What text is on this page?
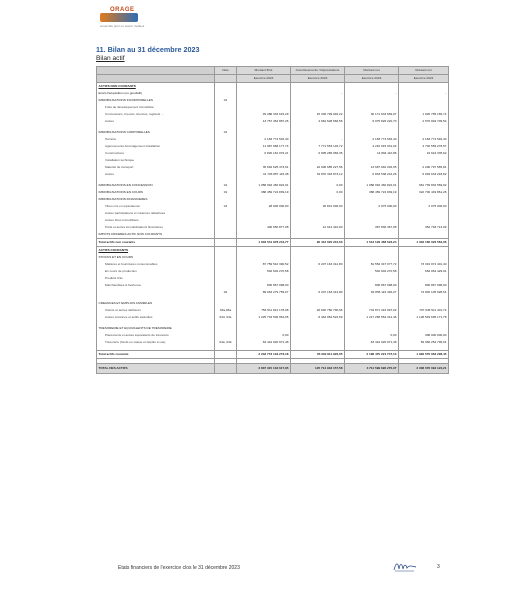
ORAGE
ensemble pour un avenir meilleur
11. Bilan au 31 décembre 2023
Bilan actif
	Note	Montant Brut	Amortissements / Dépréciations	Montant net	Montant net
		Exercice 2023	Exercice 2023	Exercice 2023	Exercice 2022
ACTIFS NON COURANTS					
Ecart d'acquisition (ou goodwill)			-	-	-
IMMOBILISATIONS INCORPORELLES	01				
Frais de développement immobilisé					
Concessions, brevets, licences, logiciels ...		45 288 333 615,29	15 336 799 946,22	30 171 633 669,07	1 026 765 165,74
Autres		13 757 454 887,26	4 681 628 666,56	9 075 826 220,70	2 570 994 709,54

IMMOBILISATIONS CORPORELLES	01				
Terrains		2 183 774 546,40	-	2 183 774 546,40	2 183 774 546,40
Agencements Aménagement installation		11 987 968 177,74	7 771 553 146,72	4 216 015 031,02	4 702 559 278,57
Constructions		6 820 181 076,21	6 805 286 966,35	14 894 110,86	19 644 335,62
Installation technique					
Matériel de transport		35 694 625 473,61	22 006 685 227,56	13 687 940 246,05	2 200 797 565,81
Autres		41 703 857 115,38	34 870 318 873,12	6 833 538 242,26	5 049 633 293,62

IMMOBILISATIONS EN CONCESSION	01	1 058 094 460 822,01	0,00	1 058 094 460 822,01	961 739 832 569,92
IMMOBILISATIONS EN COURS	01	388 459 724 839,19	0,00	388 459 724 839,19	322 700 449 861,26
IMMOBILISATIONS FINANCIERES					
Titres mis en équivalence	01	28 906 000,00	26 831 000,00	2 075 000,00	2 075 000,00
Autres participations et créances rattachées					
Autres titres immobilisés					
Prêts et autres immobilisations financières		400 650 877,08	12 914 410,00	387 836 467,08	352 748 713,09
IMPOTS DIFFERES ACTIF NON COURANTS					
Total actifs non courants		1 603 541 978 244,77	90 412 020 231,53	1 513 129 468 523,24	1 302 166 026 562,06
ACTIFS COURANTS					
STOCKS ET EN COURS					
Matières et fournitures consommables		87 759 510 390,52	6 207 163 312,80	81 552 347 077,72	73 319 074 401,40
En cours de production		502 602 270,58		502 602 270,58	662 064 429,01
Produits finis					
Marchandises & fret/revue		800 867 098,00		800 867 098,00	800 867 098,00
	02	89 063 279 759,07	6 207 163 312,80	82 856 116 446,27	74 802 105 928,51

CREANCES ET EMPLOIS ASSIMILES					
Clients et autres débiteurs	03a,03a	756 511 812 178,08	20 640 780 790,66	734 871 316 997,02	707 945 511 401,74
Autres créances et actifs assimilés	03d, 03e	1 225 733 506 964,05	8 464 952 522,59	1 217 268 554 341,46	1 128 549 695 171,78

TRESORERIE ET EQUIVALENTS DE TRESORERIE					
Placements et autres équivalents de trésorerie		0,00		0,00	308 000 000,00
Trésorerie (fonds en caisse et dépôts à vue)	04a, 04b	63 444 020 971,48		63 444 020 971,48	69 382 252 796,91

Total actifs courants		2 233 773 133 273,18	35 302 911 926,05	2 198 470 221 747,13	1 992 570 063 298,45

TOTAL DES ACTIFS		3 837 315 133 617,95	125 714 932 157,58	3 711 599 690 270,37	3 308 076 092 123,21
Etats financiers de l'exercice clos le 31 décembre 2023	3
